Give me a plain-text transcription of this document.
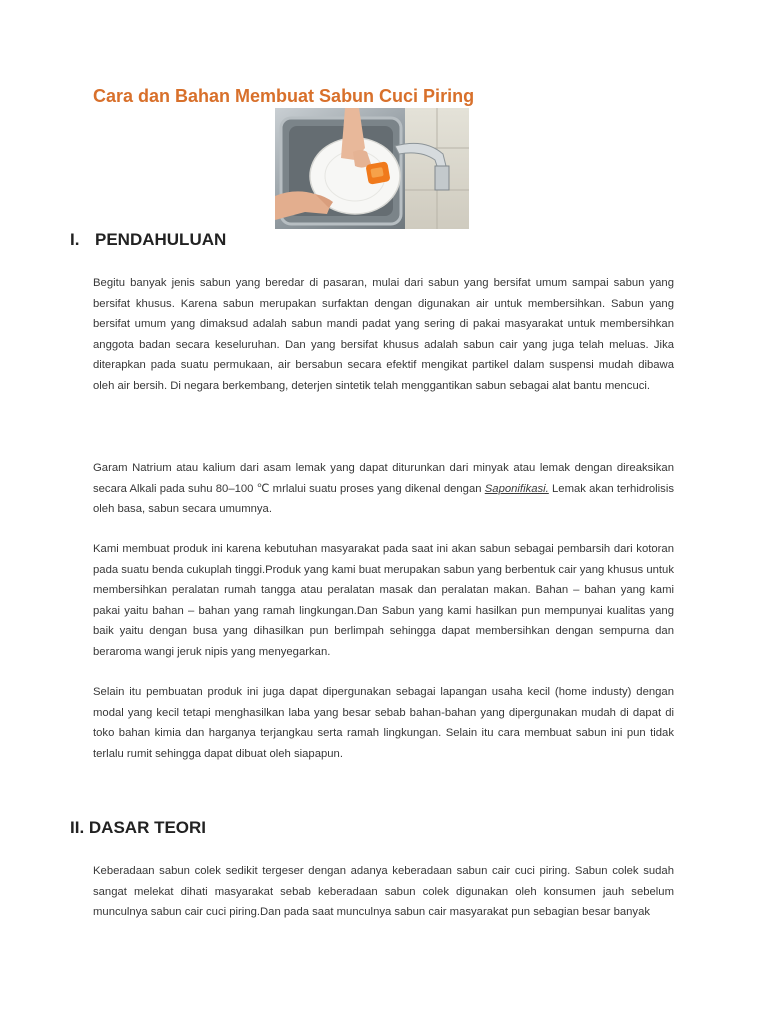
Cara dan Bahan Membuat Sabun Cuci Piring
I. PENDAHULUAN

Begitu banyak jenis sabun yang beredar di pasaran, mulai dari sabun yang bersifat umum sampai sabun yang bersifat khusus. Karena sabun merupakan surfaktan dengan digunakan air untuk membersihkan. Sabun yang bersifat umum yang dimaksud adalah sabun mandi padat yang sering di pakai masyarakat untuk membersihkan anggota badan secara keseluruhan. Dan yang bersifat khusus adalah sabun cair yang juga telah meluas. Jika diterapkan pada suatu permukaan, air bersabun secara efektif mengikat partikel dalam suspensi mudah dibawa oleh air bersih. Di negara berkembang, deterjen sintetik telah menggantikan sabun sebagai alat bantu mencuci.

Garam Natrium atau kalium dari asam lemak yang dapat diturunkan dari minyak atau lemak dengan direaksikan secara Alkali pada suhu 80–100 ℃ mrlalui suatu proses yang dikenal dengan Saponifikasi. Lemak akan terhidrolisis oleh basa, sabun secara umumnya.

Kami membuat produk ini karena kebutuhan masyarakat pada saat ini akan sabun sebagai pembarsih dari kotoran pada suatu benda cukuplah tinggi.Produk yang kami buat merupakan sabun yang berbentuk cair yang khusus untuk membersihkan peralatan rumah tangga atau peralatan masak dan peralatan makan. Bahan – bahan yang kami pakai yaitu bahan – bahan yang ramah lingkungan.Dan Sabun yang kami hasilkan pun mempunyai kualitas yang baik yaitu dengan busa yang dihasilkan pun berlimpah sehingga dapat membersihkan dengan sempurna dan beraroma wangi jeruk nipis yang menyegarkan.

Selain itu pembuatan produk ini juga dapat dipergunakan sebagai lapangan usaha kecil (home industy) dengan modal yang kecil tetapi menghasilkan laba yang besar sebab bahan-bahan yang dipergunakan mudah di dapat di toko bahan kimia dan harganya terjangkau serta ramah lingkungan. Selain itu cara membuat sabun ini pun tidak terlalu rumit sehingga dapat dibuat oleh siapapun.

II. DASAR TEORI

Keberadaan sabun colek sedikit tergeser dengan adanya keberadaan sabun cair cuci piring. Sabun colek sudah sangat melekat dihati masyarakat sebab keberadaan sabun colek digunakan oleh konsumen jauh sebelum munculnya sabun cair cuci piring.Dan pada saat munculnya sabun cair masyarakat pun sebagian besar banyak
